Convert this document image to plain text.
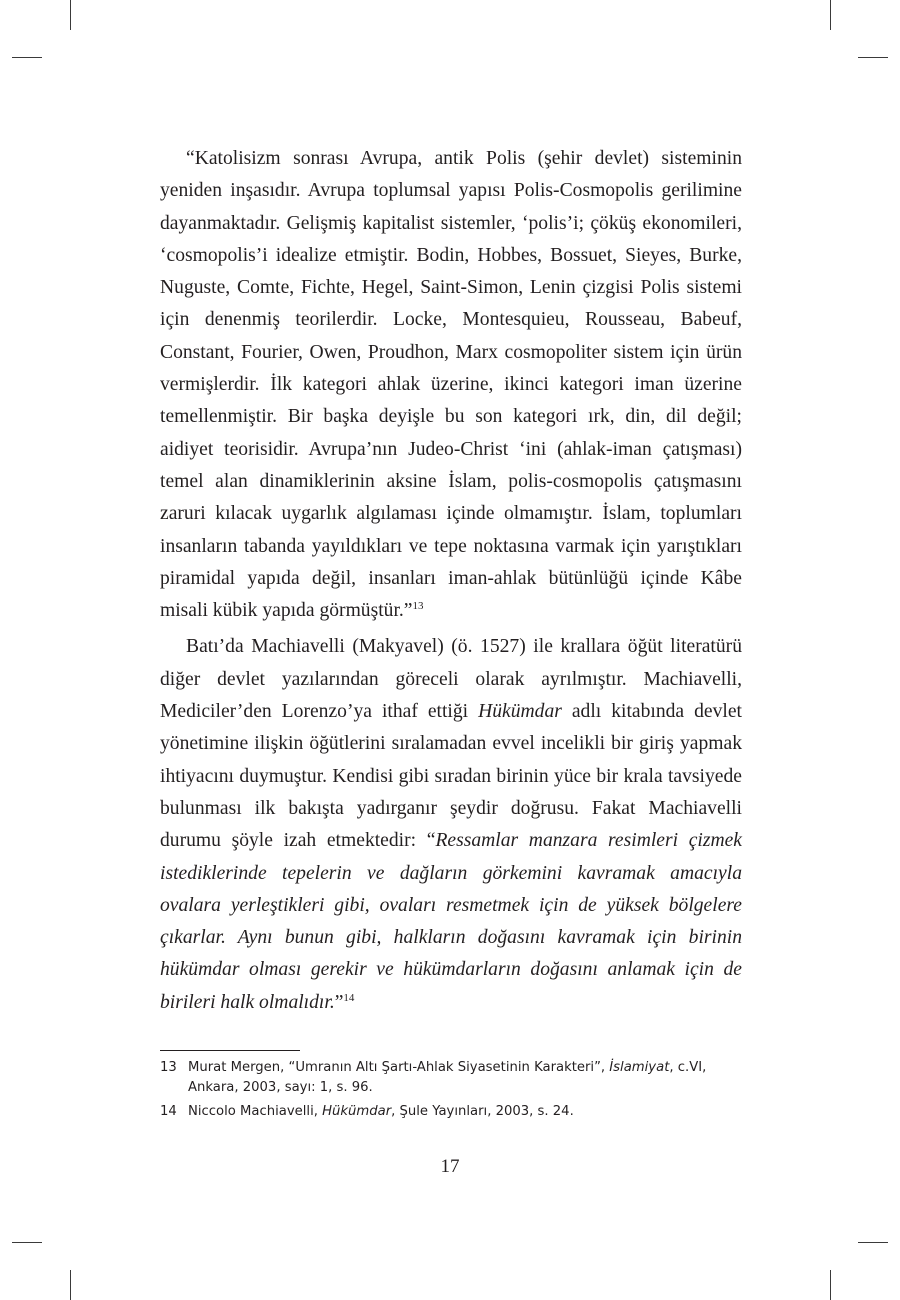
“Katolisizm sonrası Avrupa, antik Polis (şehir devlet) sisteminin yeniden inşasıdır. Avrupa toplumsal yapısı Polis-Cosmopolis gerilimine dayanmaktadır. Gelişmiş kapitalist sistemler, ‘polis’i; çöküş ekonomileri, ‘cosmopolis’i idealize etmiştir. Bodin, Hobbes, Bossuet, Sieyes, Burke, Nuguste, Comte, Fichte, Hegel, Saint-Simon, Lenin çizgisi Polis sistemi için denenmiş teorilerdir. Locke, Montesquieu, Rousseau, Babeuf, Constant, Fourier, Owen, Proudhon, Marx cosmopoliter sistem için ürün vermişlerdir. İlk kategori ahlak üzerine, ikinci kategori iman üzerine temellenmiştir. Bir başka deyişle bu son kategori ırk, din, dil değil; aidiyet teorisidir. Avrupa’nın Judeo-Christ ‘ini (ahlak-iman çatışması) temel alan dinamiklerinin aksine İslam, polis-cosmopolis çatışmasını zaruri kılacak uygarlık algılaması içinde olmamıştır. İslam, toplumları insanların tabanda yayıldıkları ve tepe noktasına varmak için yarıştıkları piramidal yapıda değil, insanları iman-ahlak bütünlüğü içinde Kâbe misali kübik yapıda görmüştür.”$^{13}$

Batı’da Machiavelli (Makyavel) (ö. 1527) ile krallara öğüt literatürü diğer devlet yazılarından göreceli olarak ayrılmıştır. Machiavelli, Mediciler’den Lorenzo’ya ithaf ettiği Hükümdar adlı kitabında devlet yönetimine ilişkin öğütlerini sıralamadan evvel incelikli bir giriş yapmak ihtiyacını duymuştur. Kendisi gibi sıradan birinin yüce bir krala tavsiyede bulunması ilk bakışta yadırganır şeydir doğrusu. Fakat Machiavelli durumu şöyle izah etmektedir: “Ressamlar manzara resimleri çizmek istediklerinde tepelerin ve dağların görkemini kavramak amacıyla ovalara yerleştikleri gibi, ovaları resmetmek için de yüksek bölgelere çıkarlar. Aynı bunun gibi, halkların doğasını kavramak için birinin hükümdar olması gerekir ve hükümdarların doğasını anlamak için de birileri halk olmalıdır.”$^{14}$

13 Murat Mergen, “Umranın Altı Şartı-Ahlak Siyasetinin Karakteri”, İslamiyat, c.VI, Ankara, 2003, sayı: 1, s. 96.
14 Niccolo Machiavelli, Hükümdar, Şule Yayınları, 2003, s. 24.
17
